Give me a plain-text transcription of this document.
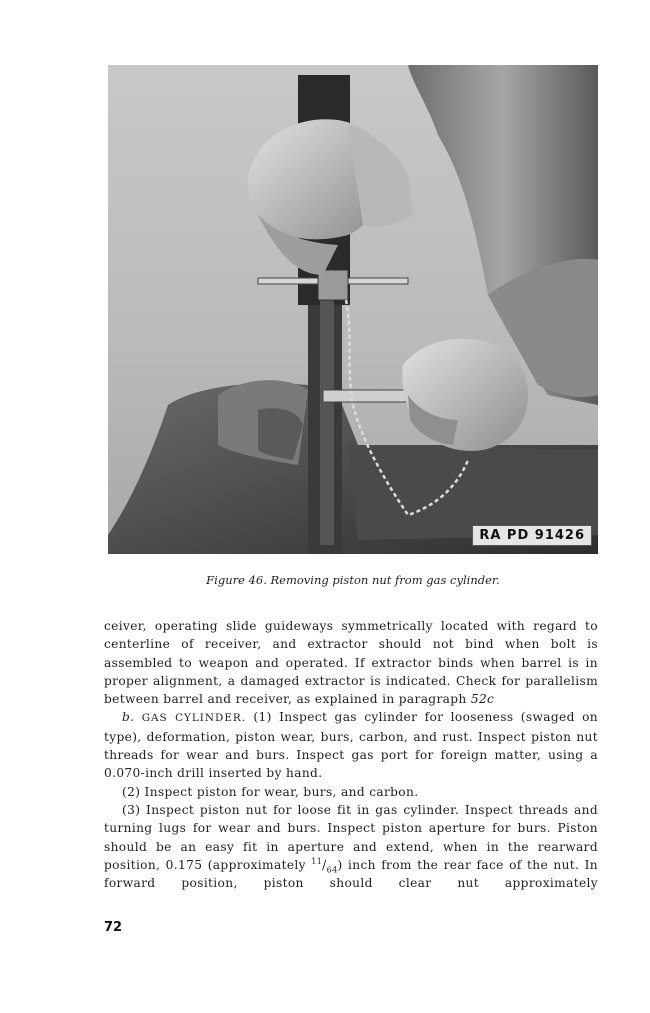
RA PD 91426
Figure 46. Removing piston nut from gas cylinder.

ceiver, operating slide guideways symmetrically located with regard to centerline of receiver, and extractor should not bind when bolt is assembled to weapon and operated. If extractor binds when barrel is in proper alignment, a damaged extractor is indicated. Check for parallelism between barrel and receiver, as explained in paragraph 52c

b. GAS CYLINDER. (1) Inspect gas cylinder for looseness (swaged on type), deformation, piston wear, burs, carbon, and rust. Inspect piston nut threads for wear and burs. Inspect gas port for foreign matter, using a 0.070-inch drill inserted by hand.

(2) Inspect piston for wear, burs, and carbon.

(3) Inspect piston nut for loose fit in gas cylinder. Inspect threads and turning lugs for wear and burs. Inspect piston aperture for burs. Piston should be an easy fit in aperture and extend, when in the rearward position, 0.175 (approximately $^{11}/_{64}$) inch from the rear face of the nut. In forward position, piston should clear nut approximately

72
